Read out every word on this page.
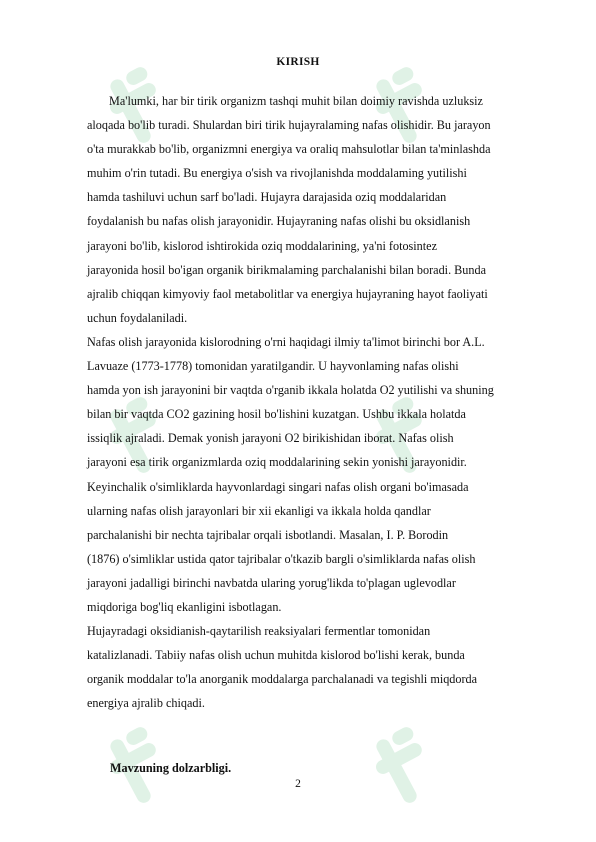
KIRISH
Ma'lumki, har bir tirik organizm tashqi muhit bilan doimiy ravishda uzluksiz
aloqada bo'lib turadi. Shulardan biri tirik hujayralaming nafas olishidir. Bu jarayon
o'ta murakkab bo'lib, organizmni energiya va oraliq mahsulotlar bilan ta'minlashda
muhim o'rin tutadi. Bu energiya o'sish va rivojlanishda moddalaming yutilishi
hamda tashiluvi uchun sarf bo'ladi. Hujayra darajasida oziq moddalaridan
foydalanish bu nafas olish jarayonidir. Hujayraning nafas olishi bu oksidlanish
jarayoni bo'lib, kislorod ishtirokida oziq moddalarining, ya'ni fotosintez
jarayonida hosil bo'igan organik birikmalaming parchalanishi bilan boradi. Bunda
ajralib chiqqan kimyoviy faol metabolitlar va energiya hujayraning hayot faoliyati
uchun foydalaniladi.
Nafas olish jarayonida kislorodning o'rni haqidagi ilmiy ta'limot birinchi bor A.L.
Lavuaze (1773-1778) tomonidan yaratilgandir. U hayvonlaming nafas olishi
hamda yon ish jarayonini bir vaqtda o'rganib ikkala holatda O2 yutilishi va shuning
bilan bir vaqtda CO2 gazining hosil bo'lishini kuzatgan. Ushbu ikkala holatda
issiqlik ajraladi. Demak yonish jarayoni O2 birikishidan iborat. Nafas olish
jarayoni esa tirik organizmlarda oziq moddalarining sekin yonishi jarayonidir.
Keyinchalik o'simliklarda hayvonlardagi singari nafas olish organi bo'imasada
ularning nafas olish jarayonlari bir xii ekanligi va ikkala holda qandlar
parchalanishi bir nechta tajribalar orqali isbotlandi. Masalan, I. P. Borodin
(1876) o'simliklar ustida qator tajribalar o'tkazib bargli o'simliklarda nafas olish
jarayoni jadalligi birinchi navbatda ularing yorug'likda to'plagan uglevodlar
miqdoriga bog'liq ekanligini isbotlagan.
Hujayradagi oksidianish-qaytarilish reaksiyalari fermentlar tomonidan
katalizlanadi. Tabiiy nafas olish uchun muhitda kislorod bo'lishi kerak, bunda
organik moddalar to'la anorganik moddalarga parchalanadi va tegishli miqdorda
energiya ajralib chiqadi.
Mavzuning dolzarbligi.
2
